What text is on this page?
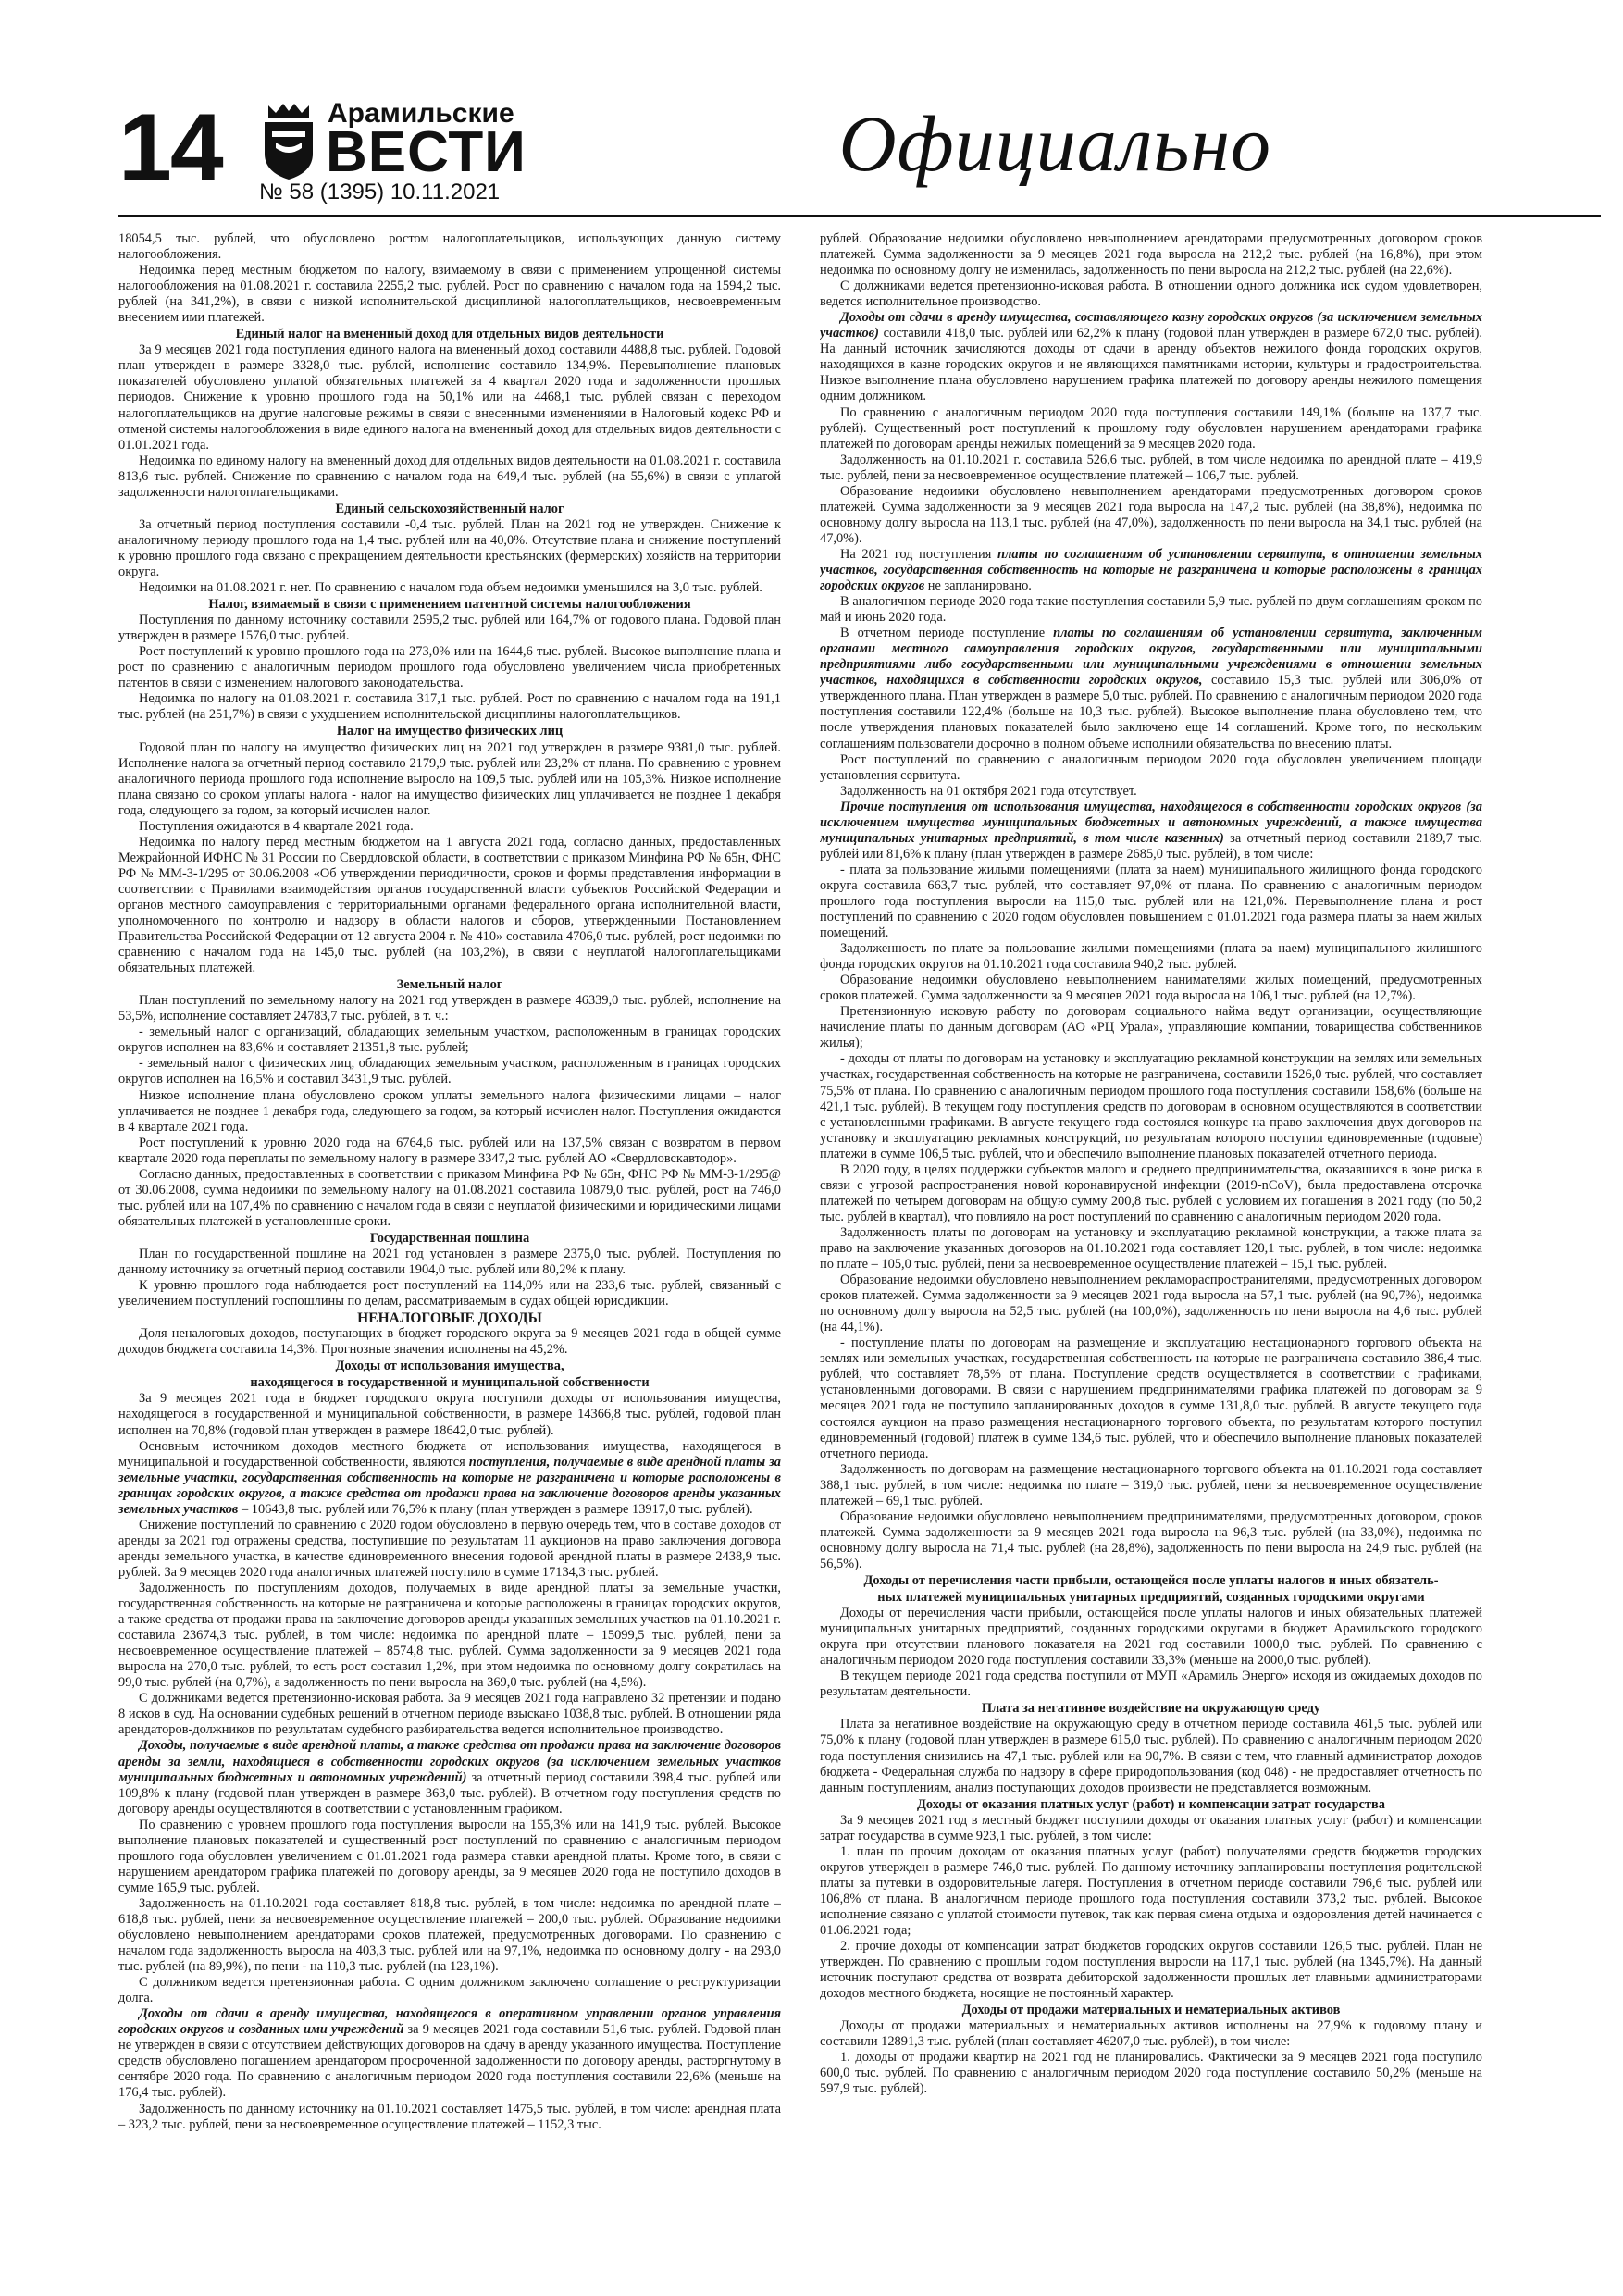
14	Арамильские
ВЕСТИ
№ 58 (1395) 10.11.2021
Официально

18054,5 тыс. рублей, что обусловлено ростом налогоплательщиков, использующих данную систему налогообложения.

Недоимка перед местным бюджетом по налогу, взимаемому в связи с применением упрощенной системы налогообложения на 01.08.2021 г. составила 2255,2 тыс. рублей. Рост по сравнению с началом года на 1594,2 тыс. рублей (на 341,2%), в связи с низкой исполнительской дисциплиной налогоплательщиков, несвоевременным внесением ими платежей.

Единый налог на вмененный доход для отдельных видов деятельности

За 9 месяцев 2021 года поступления единого налога на вмененный доход составили 4488,8 тыс. рублей. Годовой план утвержден в размере 3328,0 тыс. рублей, исполнение составило 134,9%. Перевыполнение плановых показателей обусловлено уплатой обязательных платежей за 4 квартал 2020 года и задолженности прошлых периодов. Снижение к уровню прошлого года на 50,1% или на 4468,1 тыс. рублей связан с переходом налогоплательщиков на другие налоговые режимы в связи с внесенными изменениями в Налоговый кодекс РФ и отменой системы налогообложения в виде единого налога на вмененный доход для отдельных видов деятельности с 01.01.2021 года.

Недоимка по единому налогу на вмененный доход для отдельных видов деятельности на 01.08.2021 г. составила 813,6 тыс. рублей. Снижение по сравнению с началом года на 649,4 тыс. рублей (на 55,6%) в связи с уплатой задолженности налогоплательщиками.

Единый сельскохозяйственный налог

За отчетный период поступления составили -0,4 тыс. рублей. План на 2021 год не утвержден. Снижение к аналогичному периоду прошлого года на 1,4 тыс. рублей или на 40,0%. Отсутствие плана и снижение поступлений к уровню прошлого года связано с прекращением деятельности крестьянских (фермерских) хозяйств на территории округа.

Недоимки на 01.08.2021 г. нет. По сравнению с началом года объем недоимки уменьшился на 3,0 тыс. рублей.

Налог, взимаемый в связи с применением патентной системы налогообложения

Поступления по данному источнику составили 2595,2 тыс. рублей или 164,7% от годового плана. Годовой план утвержден в размере 1576,0 тыс. рублей.

Рост поступлений к уровню прошлого года на 273,0% или на 1644,6 тыс. рублей. Высокое выполнение плана и рост по сравнению с аналогичным периодом прошлого года обусловлено увеличением числа приобретенных патентов в связи с изменением налогового законодательства.

Недоимка по налогу на 01.08.2021 г. составила 317,1 тыс. рублей. Рост по сравнению с началом года на 191,1 тыс. рублей (на 251,7%) в связи с ухудшением исполнительской дисциплины налогоплательщиков.

Налог на имущество физических лиц

Годовой план по налогу на имущество физических лиц на 2021 год утвержден в размере 9381,0 тыс. рублей. Исполнение налога за отчетный период составило 2179,9 тыс. рублей или 23,2% от плана. По сравнению с уровнем аналогичного периода прошлого года исполнение выросло на 109,5 тыс. рублей или на 105,3%. Низкое исполнение плана связано со сроком уплаты налога - налог на имущество физических лиц уплачивается не позднее 1 декабря года, следующего за годом, за который исчислен налог.

Поступления ожидаются в 4 квартале 2021 года.

Недоимка по налогу перед местным бюджетом на 1 августа 2021 года, согласно данных, предоставленных Межрайонной ИФНС № 31 России по Свердловской области, в соответствии с приказом Минфина РФ № 65н, ФНС РФ № ММ-3-1/295 от 30.06.2008 «Об утверждении периодичности, сроков и формы представления информации в соответствии с Правилами взаимодействия органов государственной власти субъектов Российской Федерации и органов местного самоуправления с территориальными органами федерального органа исполнительной власти, уполномоченного по контролю и надзору в области налогов и сборов, утвержденными Постановлением Правительства Российской Федерации от 12 августа 2004 г. № 410» составила 4706,0 тыс. рублей, рост недоимки по сравнению с началом года на 145,0 тыс. рублей (на 103,2%), в связи с неуплатой налогоплательщиками обязательных платежей.

Земельный налог

План поступлений по земельному налогу на 2021 год утвержден в размере 46339,0 тыс. рублей, исполнение на 53,5%, исполнение составляет 24783,7 тыс. рублей, в т. ч.:

- земельный налог с организаций, обладающих земельным участком, расположенным в границах городских округов исполнен на 83,6% и составляет 21351,8 тыс. рублей;

- земельный налог с физических лиц, обладающих земельным участком, расположенным в границах городских округов исполнен на 16,5% и составил 3431,9 тыс. рублей.

Низкое исполнение плана обусловлено сроком уплаты земельного налога физическими лицами – налог уплачивается не позднее 1 декабря года, следующего за годом, за который исчислен налог. Поступления ожидаются в 4 квартале 2021 года.

Рост поступлений к уровню 2020 года на 6764,6 тыс. рублей или на 137,5% связан с возвратом в первом квартале 2020 года переплаты по земельному налогу в размере 3347,2 тыс. рублей АО «Свердловскавтодор».

Согласно данных, предоставленных в соответствии с приказом Минфина РФ № 65н, ФНС РФ № ММ-3-1/295@ от 30.06.2008, сумма недоимки по земельному налогу на 01.08.2021 составила 10879,0 тыс. рублей, рост на 746,0 тыс. рублей или на 107,4% по сравнению с началом года в связи с неуплатой физическими и юридическими лицами обязательных платежей в установленные сроки.

Государственная пошлина

План по государственной пошлине на 2021 год установлен в размере 2375,0 тыс. рублей. Поступления по данному источнику за отчетный период составили 1904,0 тыс. рублей или 80,2% к плану.

К уровню прошлого года наблюдается рост поступлений на 114,0% или на 233,6 тыс. рублей, связанный с увеличением поступлений госпошлины по делам, рассматриваемым в судах общей юрисдикции.

НЕНАЛОГОВЫЕ ДОХОДЫ

Доля неналоговых доходов, поступающих в бюджет городского округа за 9 месяцев 2021 года в общей сумме доходов бюджета составила 14,3%. Прогнозные значения исполнены на 45,2%.

Доходы от использования имущества,
находящегося в государственной и муниципальной собственности

За 9 месяцев 2021 года в бюджет городского округа поступили доходы от использования имущества, находящегося в государственной и муниципальной собственности, в размере 14366,8 тыс. рублей, годовой план исполнен на 70,8% (годовой план утвержден в размере 18642,0 тыс. рублей).

Основным источником доходов местного бюджета от использования имущества, находящегося в муниципальной и государственной собственности, являются поступления, получаемые в виде арендной платы за земельные участки, государственная собственность на которые не разграничена и которые расположены в границах городских округов, а также средства от продажи права на заключение договоров аренды указанных земельных участков – 10643,8 тыс. рублей или 76,5% к плану (план утвержден в размере 13917,0 тыс. рублей).

Снижение поступлений по сравнению с 2020 годом обусловлено в первую очередь тем, что в составе доходов от аренды за 2021 год отражены средства, поступившие по результатам 11 аукционов на право заключения договора аренды земельного участка, в качестве единовременного внесения годовой арендной платы в размере 2438,9 тыс. рублей. За 9 месяцев 2020 года аналогичных платежей поступило в сумме 17134,3 тыс. рублей.

Задолженность по поступлениям доходов, получаемых в виде арендной платы за земельные участки, государственная собственность на которые не разграничена и которые расположены в границах городских округов, а также средства от продажи права на заключение договоров аренды указанных земельных участков на 01.10.2021 г. составила 23674,3 тыс. рублей, в том числе: недоимка по арендной плате – 15099,5 тыс. рублей, пени за несвоевременное осуществление платежей – 8574,8 тыс. рублей. Сумма задолженности за 9 месяцев 2021 года выросла на 270,0 тыс. рублей, то есть рост составил 1,2%, при этом недоимка по основному долгу сократилась на 99,0 тыс. рублей (на 0,7%), а задолженность по пени выросла на 369,0 тыс. рублей (на 4,5%).

С должниками ведется претензионно-исковая работа. За 9 месяцев 2021 года направлено 32 претензии и подано 8 исков в суд. На основании судебных решений в отчетном периоде взыскано 1038,8 тыс. рублей. В отношении ряда арендаторов-должников по результатам судебного разбирательства ведется исполнительное производство.

Доходы, получаемые в виде арендной платы, а также средства от продажи права на заключение договоров аренды за земли, находящиеся в собственности городских округов (за исключением земельных участков муниципальных бюджетных и автономных учреждений) за отчетный период составили 398,4 тыс. рублей или 109,8% к плану (годовой план утвержден в размере 363,0 тыс. рублей). В отчетном году поступления средств по договору аренды осуществляются в соответствии с установленным графиком.

По сравнению с уровнем прошлого года поступления выросли на 155,3% или на 141,9 тыс. рублей. Высокое выполнение плановых показателей и существенный рост поступлений по сравнению с аналогичным периодом прошлого года обусловлен увеличением с 01.01.2021 года размера ставки арендной платы. Кроме того, в связи с нарушением арендатором графика платежей по договору аренды, за 9 месяцев 2020 года не поступило доходов в сумме 165,9 тыс. рублей.

Задолженность на 01.10.2021 года составляет 818,8 тыс. рублей, в том числе: недоимка по арендной плате – 618,8 тыс. рублей, пени за несвоевременное осуществление платежей – 200,0 тыс. рублей. Образование недоимки обусловлено невыполнением арендаторами сроков платежей, предусмотренных договорами. По сравнению с началом года задолженность выросла на 403,3 тыс. рублей или на 97,1%, недоимка по основному долгу - на 293,0 тыс. рублей (на 89,9%), по пени - на 110,3 тыс. рублей (на 123,1%).

С должником ведется претензионная работа. С одним должником заключено соглашение о реструктуризации долга.

Доходы от сдачи в аренду имущества, находящегося в оперативном управлении органов управления городских округов и созданных ими учреждений за 9 месяцев 2021 года составили 51,6 тыс. рублей. Годовой план не утвержден в связи с отсутствием действующих договоров на сдачу в аренду указанного имущества. Поступление средств обусловлено погашением арендатором просроченной задолженности по договору аренды, расторгнутому в сентябре 2020 года. По сравнению с аналогичным периодом 2020 года поступления составили 22,6% (меньше на 176,4 тыс. рублей).

Задолженность по данному источнику на 01.10.2021 составляет 1475,5 тыс. рублей, в том числе: арендная плата – 323,2 тыс. рублей, пени за несвоевременное осуществление платежей – 1152,3 тыс.

рублей. Образование недоимки обусловлено невыполнением арендаторами предусмотренных договором сроков платежей. Сумма задолженности за 9 месяцев 2021 года выросла на 212,2 тыс. рублей (на 16,8%), при этом недоимка по основному долгу не изменилась, задолженность по пени выросла на 212,2 тыс. рублей (на 22,6%).

С должниками ведется претензионно-исковая работа. В отношении одного должника иск судом удовлетворен, ведется исполнительное производство.

Доходы от сдачи в аренду имущества, составляющего казну городских округов (за исключением земельных участков) составили 418,0 тыс. рублей или 62,2% к плану (годовой план утвержден в размере 672,0 тыс. рублей). На данный источник зачисляются доходы от сдачи в аренду объектов нежилого фонда городских округов, находящихся в казне городских округов и не являющихся памятниками истории, культуры и градостроительства. Низкое выполнение плана обусловлено нарушением графика платежей по договору аренды нежилого помещения одним должником.

По сравнению с аналогичным периодом 2020 года поступления составили 149,1% (больше на 137,7 тыс. рублей). Существенный рост поступлений к прошлому году обусловлен нарушением арендаторами графика платежей по договорам аренды нежилых помещений за 9 месяцев 2020 года.

Задолженность на 01.10.2021 г. составила 526,6 тыс. рублей, в том числе недоимка по арендной плате – 419,9 тыс. рублей, пени за несвоевременное осуществление платежей – 106,7 тыс. рублей.

Образование недоимки обусловлено невыполнением арендаторами предусмотренных договором сроков платежей. Сумма задолженности за 9 месяцев 2021 года выросла на 147,2 тыс. рублей (на 38,8%), недоимка по основному долгу выросла на 113,1 тыс. рублей (на 47,0%), задолженность по пени выросла на 34,1 тыс. рублей (на 47,0%).

На 2021 год поступления платы по соглашениям об установлении сервитута, в отношении земельных участков, государственная собственность на которые не разграничена и которые расположены в границах городских округов не запланировано.

В аналогичном периоде 2020 года такие поступления составили 5,9 тыс. рублей по двум соглашениям сроком по май и июнь 2020 года.

В отчетном периоде поступление платы по соглашениям об установлении сервитута, заключенным органами местного самоуправления городских округов, государственными или муниципальными предприятиями либо государственными или муниципальными учреждениями в отношении земельных участков, находящихся в собственности городских округов, составило 15,3 тыс. рублей или 306,0% от утвержденного плана. План утвержден в размере 5,0 тыс. рублей. По сравнению с аналогичным периодом 2020 года поступления составили 122,4% (больше на 10,3 тыс. рублей). Высокое выполнение плана обусловлено тем, что после утверждения плановых показателей было заключено еще 14 соглашений. Кроме того, по нескольким соглашениям пользователи досрочно в полном объеме исполнили обязательства по внесению платы.

Рост поступлений по сравнению с аналогичным периодом 2020 года обусловлен увеличением площади установления сервитута.

Задолженность на 01 октября 2021 года отсутствует.

Прочие поступления от использования имущества, находящегося в собственности городских округов (за исключением имущества муниципальных бюджетных и автономных учреждений, а также имущества муниципальных унитарных предприятий, в том числе казенных) за отчетный период составили 2189,7 тыс. рублей или 81,6% к плану (план утвержден в размере 2685,0 тыс. рублей), в том числе:

- плата за пользование жилыми помещениями (плата за наем) муниципального жилищного фонда городского округа составила 663,7 тыс. рублей, что составляет 97,0% от плана. По сравнению с аналогичным периодом прошлого года поступления выросли на 115,0 тыс. рублей или на 121,0%. Перевыполнение плана и рост поступлений по сравнению с 2020 годом обусловлен повышением с 01.01.2021 года размера платы за наем жилых помещений.

Задолженность по плате за пользование жилыми помещениями (плата за наем) муниципального жилищного фонда городских округов на 01.10.2021 года составила 940,2 тыс. рублей.

Образование недоимки обусловлено невыполнением нанимателями жилых помещений, предусмотренных сроков платежей. Сумма задолженности за 9 месяцев 2021 года выросла на 106,1 тыс. рублей (на 12,7%).

Претензионную исковую работу по договорам социального найма ведут организации, осуществляющие начисление платы по данным договорам (АО «РЦ Урала», управляющие компании, товарищества собственников жилья);

- доходы от платы по договорам на установку и эксплуатацию рекламной конструкции на землях или земельных участках, государственная собственность на которые не разграничена, составили 1526,0 тыс. рублей, что составляет 75,5% от плана. По сравнению с аналогичным периодом прошлого года поступления составили 158,6% (больше на 421,1 тыс. рублей). В текущем году поступления средств по договорам в основном осуществляются в соответствии с установленными графиками. В августе текущего года состоялся конкурс на право заключения двух договоров на установку и эксплуатацию рекламных конструкций, по результатам которого поступил единовременные (годовые) платежи в сумме 106,5 тыс. рублей, что и обеспечило выполнение плановых показателей отчетного периода.

В 2020 году, в целях поддержки субъектов малого и среднего предпринимательства, оказавшихся в зоне риска в связи с угрозой распространения новой коронавирусной инфекции (2019-nCoV), была предоставлена отсрочка платежей по четырем договорам на общую сумму 200,8 тыс. рублей с условием их погашения в 2021 году (по 50,2 тыс. рублей в квартал), что повлияло на рост поступлений по сравнению с аналогичным периодом 2020 года.

Задолженность платы по договорам на установку и эксплуатацию рекламной конструкции, а также плата за право на заключение указанных договоров на 01.10.2021 года составляет 120,1 тыс. рублей, в том числе: недоимка по плате – 105,0 тыс. рублей, пени за несвоевременное осуществление платежей – 15,1 тыс. рублей.

Образование недоимки обусловлено невыполнением рекламораспространителями, предусмотренных договором сроков платежей. Сумма задолженности за 9 месяцев 2021 года выросла на 57,1 тыс. рублей (на 90,7%), недоимка по основному долгу выросла на 52,5 тыс. рублей (на 100,0%), задолженность по пени выросла на 4,6 тыс. рублей (на 44,1%).

- поступление платы по договорам на размещение и эксплуатацию нестационарного торгового объекта на землях или земельных участках, государственная собственность на которые не разграничена составило 386,4 тыс. рублей, что составляет 78,5% от плана. Поступление средств осуществляется в соответствии с графиками, установленными договорами. В связи с нарушением предпринимателями графика платежей по договорам за 9 месяцев 2021 года не поступило запланированных доходов в сумме 131,8,0 тыс. рублей. В августе текущего года состоялся аукцион на право размещения нестационарного торгового объекта, по результатам которого поступил единовременный (годовой) платеж в сумме 134,6 тыс. рублей, что и обеспечило выполнение плановых показателей отчетного периода.

Задолженность по договорам на размещение нестационарного торгового объекта на 01.10.2021 года составляет 388,1 тыс. рублей, в том числе: недоимка по плате – 319,0 тыс. рублей, пени за несвоевременное осуществление платежей – 69,1 тыс. рублей.

Образование недоимки обусловлено невыполнением предпринимателями, предусмотренных договором, сроков платежей. Сумма задолженности за 9 месяцев 2021 года выросла на 96,3 тыс. рублей (на 33,0%), недоимка по основному долгу выросла на 71,4 тыс. рублей (на 28,8%), задолженность по пени выросла на 24,9 тыс. рублей (на 56,5%).

Доходы от перечисления части прибыли, остающейся после уплаты налогов и иных обязатель-
ных платежей муниципальных унитарных предприятий, созданных городскими округами

Доходы от перечисления части прибыли, остающейся после уплаты налогов и иных обязательных платежей муниципальных унитарных предприятий, созданных городскими округами в бюджет Арамильского городского округа при отсутствии планового показателя на 2021 год составили 1000,0 тыс. рублей. По сравнению с аналогичным периодом 2020 года поступления составили 33,3% (меньше на 2000,0 тыс. рублей).

В текущем периоде 2021 года средства поступили от МУП «Арамиль Энерго» исходя из ожидаемых доходов по результатам деятельности.

Плата за негативное воздействие на окружающую среду

Плата за негативное воздействие на окружающую среду в отчетном периоде составила 461,5 тыс. рублей или 75,0% к плану (годовой план утвержден в размере 615,0 тыс. рублей). По сравнению с аналогичным периодом 2020 года поступления снизились на 47,1 тыс. рублей или на 90,7%. В связи с тем, что главный администратор доходов бюджета - Федеральная служба по надзору в сфере природопользования (код 048) - не предоставляет отчетность по данным поступлениям, анализ поступающих доходов произвести не представляется возможным.

Доходы от оказания платных услуг (работ) и компенсации затрат государства

За 9 месяцев 2021 год в местный бюджет поступили доходы от оказания платных услуг (работ) и компенсации затрат государства в сумме 923,1 тыс. рублей, в том числе:

1. план по прочим доходам от оказания платных услуг (работ) получателями средств бюджетов городских округов утвержден в размере 746,0 тыс. рублей. По данному источнику запланированы поступления родительской платы за путевки в оздоровительные лагеря. Поступления в отчетном периоде составили 796,6 тыс. рублей или 106,8% от плана. В аналогичном периоде прошлого года поступления составили 373,2 тыс. рублей. Высокое исполнение связано с уплатой стоимости путевок, так как первая смена отдыха и оздоровления детей начинается с 01.06.2021 года;

2. прочие доходы от компенсации затрат бюджетов городских округов составили 126,5 тыс. рублей. План не утвержден. По сравнению с прошлым годом поступления выросли на 117,1 тыс. рублей (на 1345,7%). На данный источник поступают средства от возврата дебиторской задолженности прошлых лет главными администраторами доходов местного бюджета, носящие не постоянный характер.

Доходы от продажи материальных и нематериальных активов

Доходы от продажи материальных и нематериальных активов исполнены на 27,9% к годовому плану и составили 12891,3 тыс. рублей (план составляет 46207,0 тыс. рублей), в том числе:

1. доходы от продажи квартир на 2021 год не планировались. Фактически за 9 месяцев 2021 года поступило 600,0 тыс. рублей. По сравнению с аналогичным периодом 2020 года поступление составило 50,2% (меньше на 597,9 тыс. рублей).
